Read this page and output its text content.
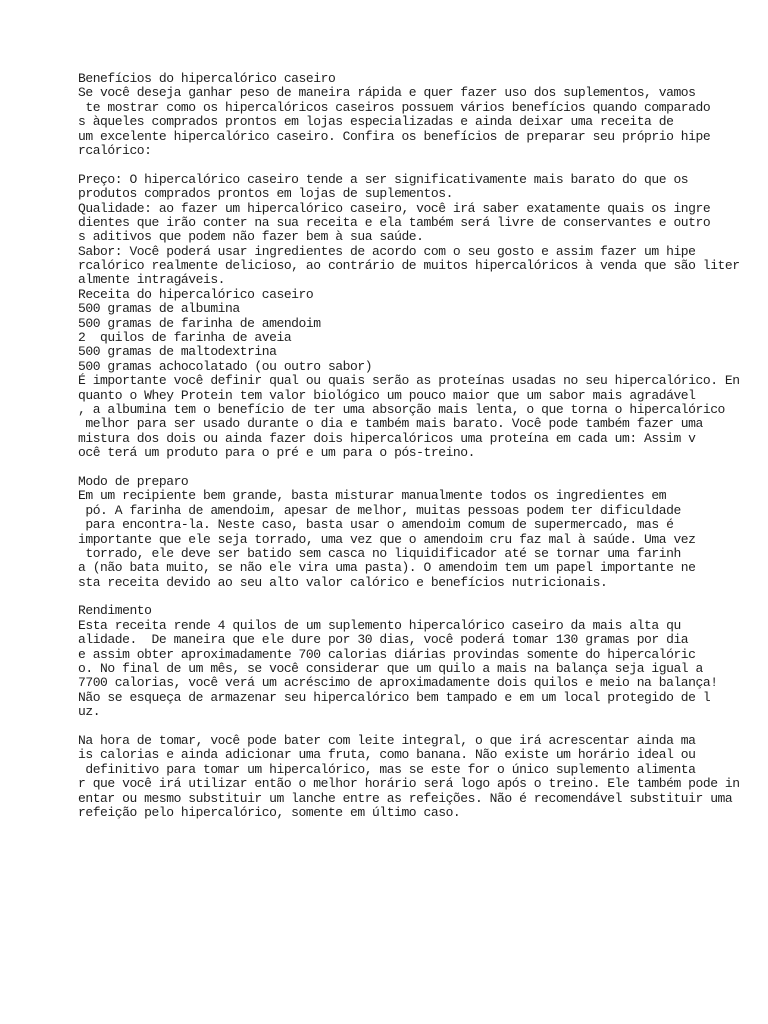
Benefícios do hipercalórico caseiro
Se você deseja ganhar peso de maneira rápida e quer fazer uso dos suplementos, vamos
te mostrar como os hipercalóricos caseiros possuem vários benefícios quando comparado
s àqueles comprados prontos em lojas especializadas e ainda deixar uma receita de
um excelente hipercalórico caseiro. Confira os benefícios de preparar seu próprio hipe
rcalórico:
Preço: O hipercalórico caseiro tende a ser significativamente mais barato do que os
produtos comprados prontos em lojas de suplementos.
Qualidade: ao fazer um hipercalórico caseiro, você irá saber exatamente quais os ingre
dientes que irão conter na sua receita e ela também será livre de conservantes e outro
s aditivos que podem não fazer bem à sua saúde.
Sabor: Você poderá usar ingredientes de acordo com o seu gosto e assim fazer um hipe
rcalórico realmente delicioso, ao contrário de muitos hipercalóricos à venda que são liter
almente intragáveis.
Receita do hipercalórico caseiro
500 gramas de albumina
500 gramas de farinha de amendoim
2  quilos de farinha de aveia
500 gramas de maltodextrina
500 gramas achocolatado (ou outro sabor)
É importante você definir qual ou quais serão as proteínas usadas no seu hipercalórico. En
quanto o Whey Protein tem valor biológico um pouco maior que um sabor mais agradável
, a albumina tem o benefício de ter uma absorção mais lenta, o que torna o hipercalórico
melhor para ser usado durante o dia e também mais barato. Você pode também fazer uma
mistura dos dois ou ainda fazer dois hipercalóricos uma proteína em cada um: Assim v
ocê terá um produto para o pré e um para o pós-treino.
Modo de preparo
Em um recipiente bem grande, basta misturar manualmente todos os ingredientes em
pó. A farinha de amendoim, apesar de melhor, muitas pessoas podem ter dificuldade
para encontra-la. Neste caso, basta usar o amendoim comum de supermercado, mas é
importante que ele seja torrado, uma vez que o amendoim cru faz mal à saúde. Uma vez
torrado, ele deve ser batido sem casca no liquidificador até se tornar uma farinh
a (não bata muito, se não ele vira uma pasta). O amendoim tem um papel importante ne
sta receita devido ao seu alto valor calórico e benefícios nutricionais.
Rendimento
Esta receita rende 4 quilos de um suplemento hipercalórico caseiro da mais alta qu
alidade.  De maneira que ele dure por 30 dias, você poderá tomar 130 gramas por dia
e assim obter aproximadamente 700 calorias diárias provindas somente do hipercalóric
o. No final de um mês, se você considerar que um quilo a mais na balança seja igual a
7700 calorias, você verá um acréscimo de aproximadamente dois quilos e meio na balança!
Não se esqueça de armazenar seu hipercalórico bem tampado e em um local protegido de l
uz.
Na hora de tomar, você pode bater com leite integral, o que irá acrescentar ainda ma
is calorias e ainda adicionar uma fruta, como banana. Não existe um horário ideal ou
definitivo para tomar um hipercalórico, mas se este for o único suplemento alimenta
r que você irá utilizar então o melhor horário será logo após o treino. Ele também pode in
entar ou mesmo substituir um lanche entre as refeições. Não é recomendável substituir uma
refeição pelo hipercalórico, somente em último caso.
